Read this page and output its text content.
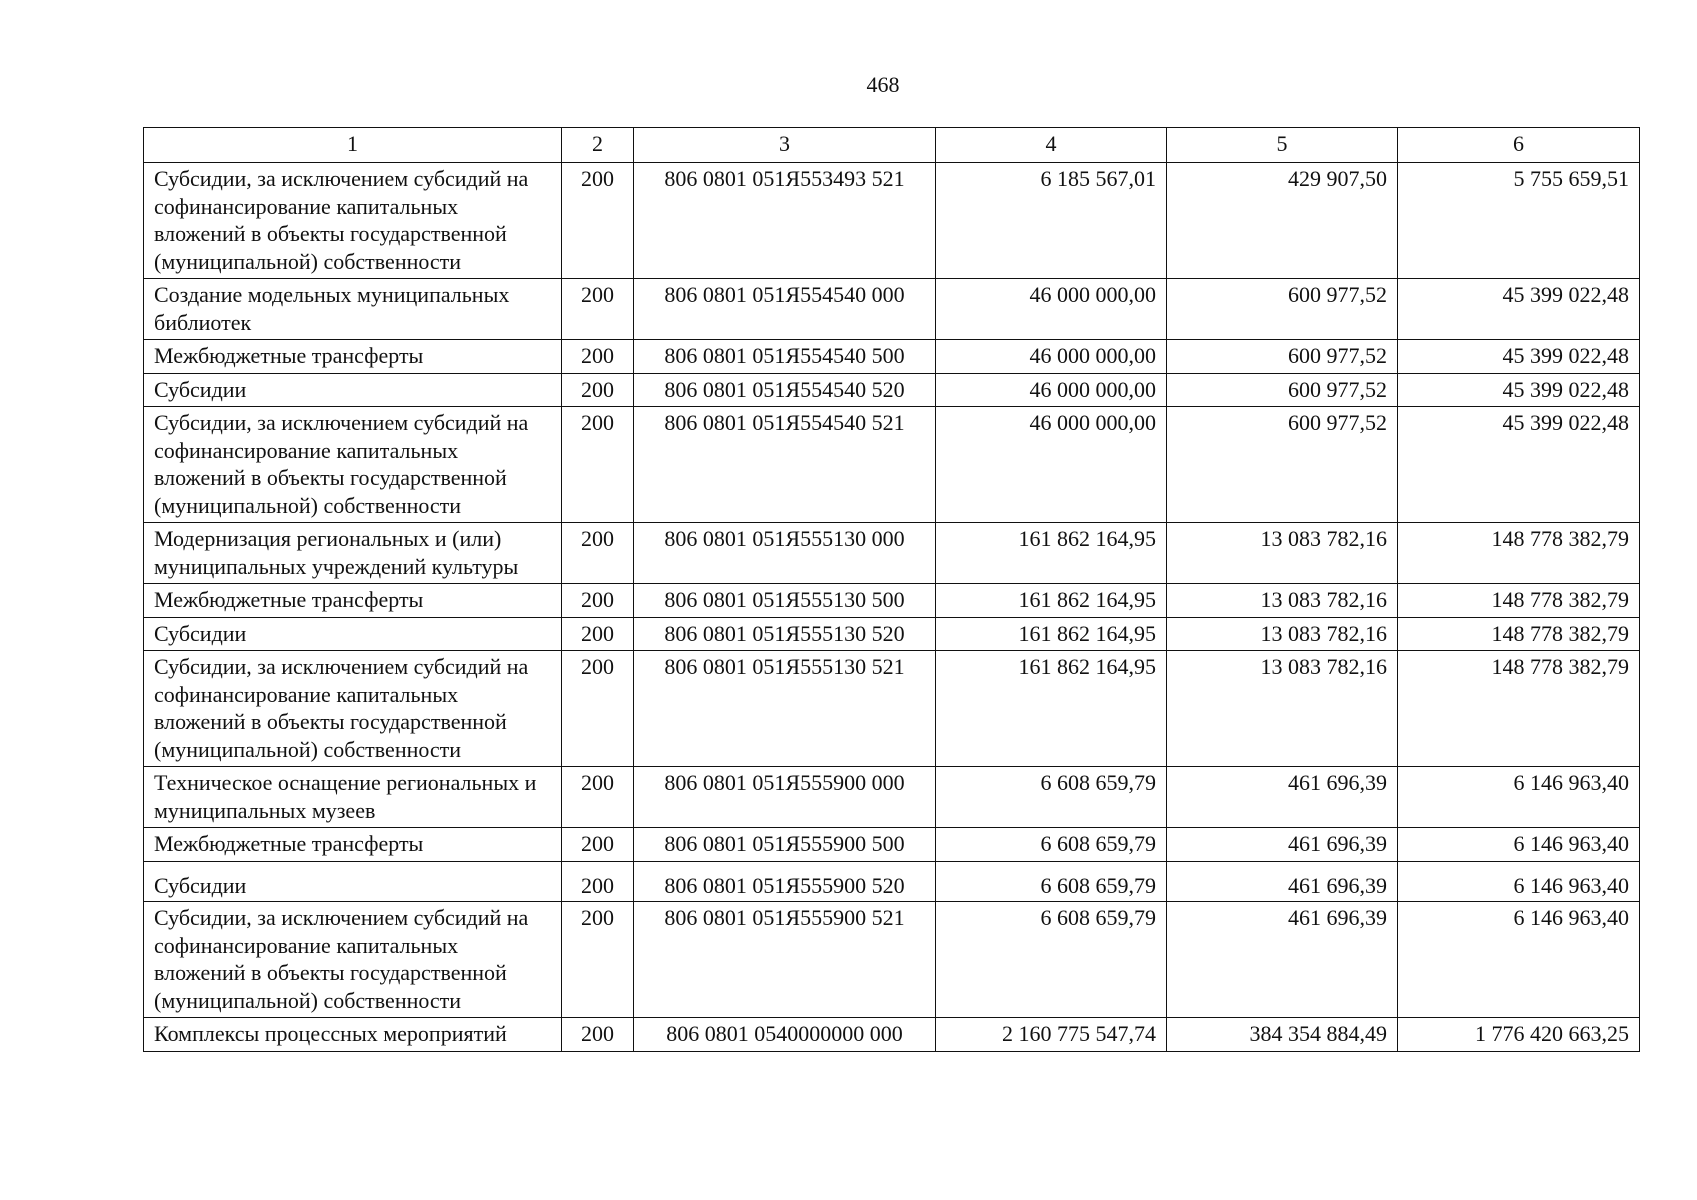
468
1	2	3	4	5	6
Субсидии, за исключением субсидий на софинансирование капитальных вложений в объекты государственной (муниципальной) собственности	200	806 0801 051Я553493 521	6 185 567,01	429 907,50	5 755 659,51
Создание модельных муниципальных библиотек	200	806 0801 051Я554540 000	46 000 000,00	600 977,52	45 399 022,48
Межбюджетные трансферты	200	806 0801 051Я554540 500	46 000 000,00	600 977,52	45 399 022,48
Субсидии	200	806 0801 051Я554540 520	46 000 000,00	600 977,52	45 399 022,48
Субсидии, за исключением субсидий на софинансирование капитальных вложений в объекты государственной (муниципальной) собственности	200	806 0801 051Я554540 521	46 000 000,00	600 977,52	45 399 022,48
Модернизация региональных и (или) муниципальных учреждений культуры	200	806 0801 051Я555130 000	161 862 164,95	13 083 782,16	148 778 382,79
Межбюджетные трансферты	200	806 0801 051Я555130 500	161 862 164,95	13 083 782,16	148 778 382,79
Субсидии	200	806 0801 051Я555130 520	161 862 164,95	13 083 782,16	148 778 382,79
Субсидии, за исключением субсидий на софинансирование капитальных вложений в объекты государственной (муниципальной) собственности	200	806 0801 051Я555130 521	161 862 164,95	13 083 782,16	148 778 382,79
Техническое оснащение региональных и муниципальных музеев	200	806 0801 051Я555900 000	6 608 659,79	461 696,39	6 146 963,40
Межбюджетные трансферты	200	806 0801 051Я555900 500	6 608 659,79	461 696,39	6 146 963,40
Субсидии	200	806 0801 051Я555900 520	6 608 659,79	461 696,39	6 146 963,40
Субсидии, за исключением субсидий на софинансирование капитальных вложений в объекты государственной (муниципальной) собственности	200	806 0801 051Я555900 521	6 608 659,79	461 696,39	6 146 963,40
Комплексы процессных мероприятий	200	806 0801 0540000000 000	2 160 775 547,74	384 354 884,49	1 776 420 663,25
